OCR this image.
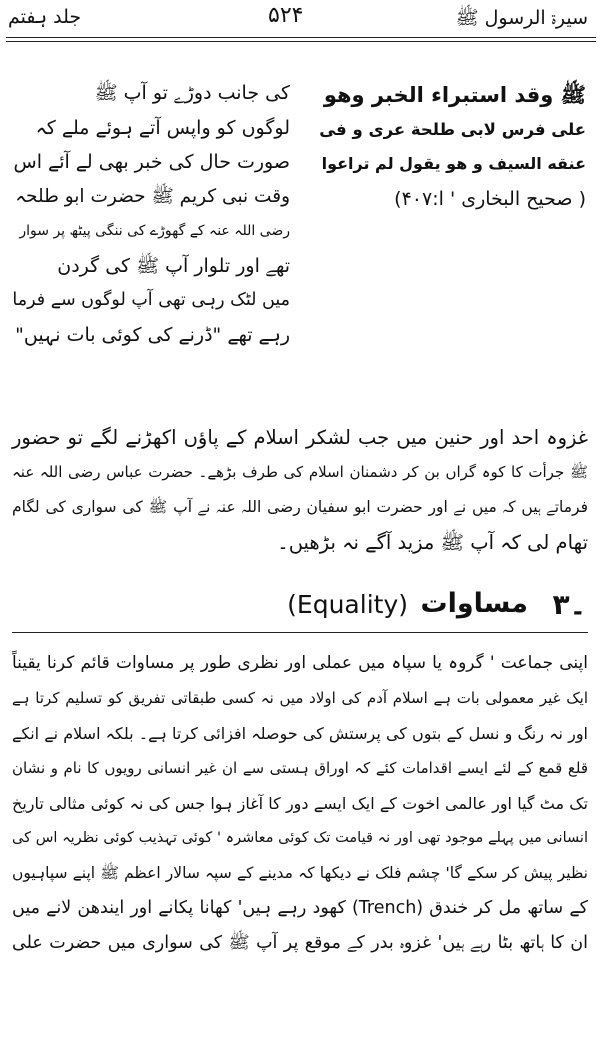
جلد ہفتم	۵۲۴	سیرۃ الرسول ﷺ
ﷺ وقد استبراء الخبر وهو
على فرس لابى طلحة عرى و فى
عنقه السيف و هو يقول لم تراعوا
( صحیح البخاری ' ا:۴۰۷)
کی جانب دوڑے تو آپ ﷺ
لوگوں کو واپس آتے ہوئے ملے کہ
صورت حال کی خبر بھی لے آئے اس
وقت نبی کریم ﷺ حضرت ابو طلحہ
رضی اللہ عنہ کے گھوڑے کی ننگی پیٹھ پر سوار
تھے اور تلوار آپ ﷺ کی گردن
میں لٹک رہی تھی آپ لوگوں سے فرما
رہے تھے "ڈرنے کی کوئی بات نہیں"
غزوہ احد اور حنین میں جب لشکر اسلام کے پاؤں اکھڑنے لگے تو حضور
ﷺ جرأت کا کوہ گراں بن کر دشمنان اسلام کی طرف بڑھے۔ حضرت عباس رضی اللہ عنہ
فرماتے ہیں کہ میں نے اور حضرت ابو سفیان رضی اللہ عنہ نے آپ ﷺ کی سواری کی لگام
تھام لی کہ آپ ﷺ مزید آگے نہ بڑھیں۔
۳۔
مساوات
(Equality)
اپنی جماعت ' گروہ یا سپاہ میں عملی اور نظری طور پر مساوات قائم کرنا یقیناً
ایک غیر معمولی بات ہے اسلام آدم کی اولاد میں نہ کسی طبقاتی تفریق کو تسلیم کرتا ہے
اور نہ رنگ و نسل کے بتوں کی پرستش کی حوصلہ افزائی کرتا ہے۔ بلکہ اسلام نے انکے
قلع قمع کے لئے ایسے اقدامات کئے کہ اوراق ہستی سے ان غیر انسانی رویوں کا نام و نشان
تک مٹ گیا اور عالمی اخوت کے ایک ایسے دور کا آغاز ہوا جس کی نہ کوئی مثالی تاریخ
انسانی میں پہلے موجود تھی اور نہ قیامت تک کوئی معاشرہ ' کوئی تہذیب کوئی نظریہ اس کی
نظیر پیش کر سکے گا' چشم فلک نے دیکھا کہ مدینے کے سپہ سالار اعظم ﷺ اپنے سپاہیوں
کے ساتھ مل کر خندق (Trench) کھود رہے ہیں' کھانا پکانے اور ایندھن لانے میں
ان کا ہاتھ بٹا رہے ہیں' غزوہ بدر کے موقع پر آپ ﷺ کی سواری میں حضرت علی
